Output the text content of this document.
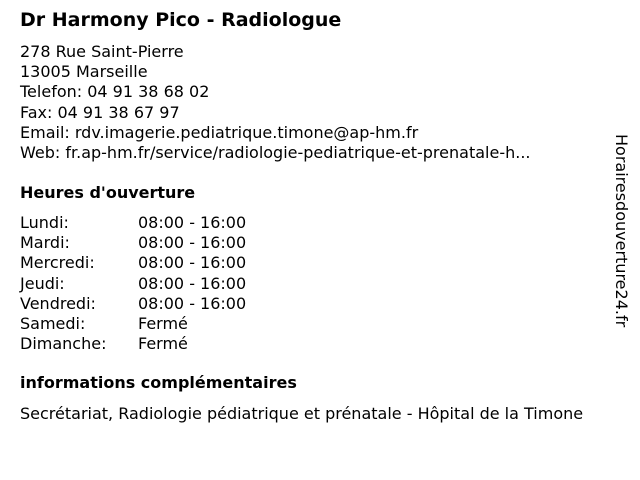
Dr Harmony Pico - Radiologue
278 Rue Saint-Pierre
13005 Marseille
Telefon: 04 91 38 68 02
Fax: 04 91 38 67 97
Email: rdv.imagerie.pediatrique.timone@ap-hm.fr
Web: fr.ap-hm.fr/service/radiologie-pediatrique-et-prenatale-h...
Heures d'ouverture
Lundi:	08:00 - 16:00
Mardi:	08:00 - 16:00
Mercredi:	08:00 - 16:00
Jeudi:	08:00 - 16:00
Vendredi:	08:00 - 16:00
Samedi:	Fermé
Dimanche: Fermé
informations complémentaires
Secrétariat, Radiologie pédiatrique et prénatale - Hôpital de la Timone
Horairesdouverture24.fr
